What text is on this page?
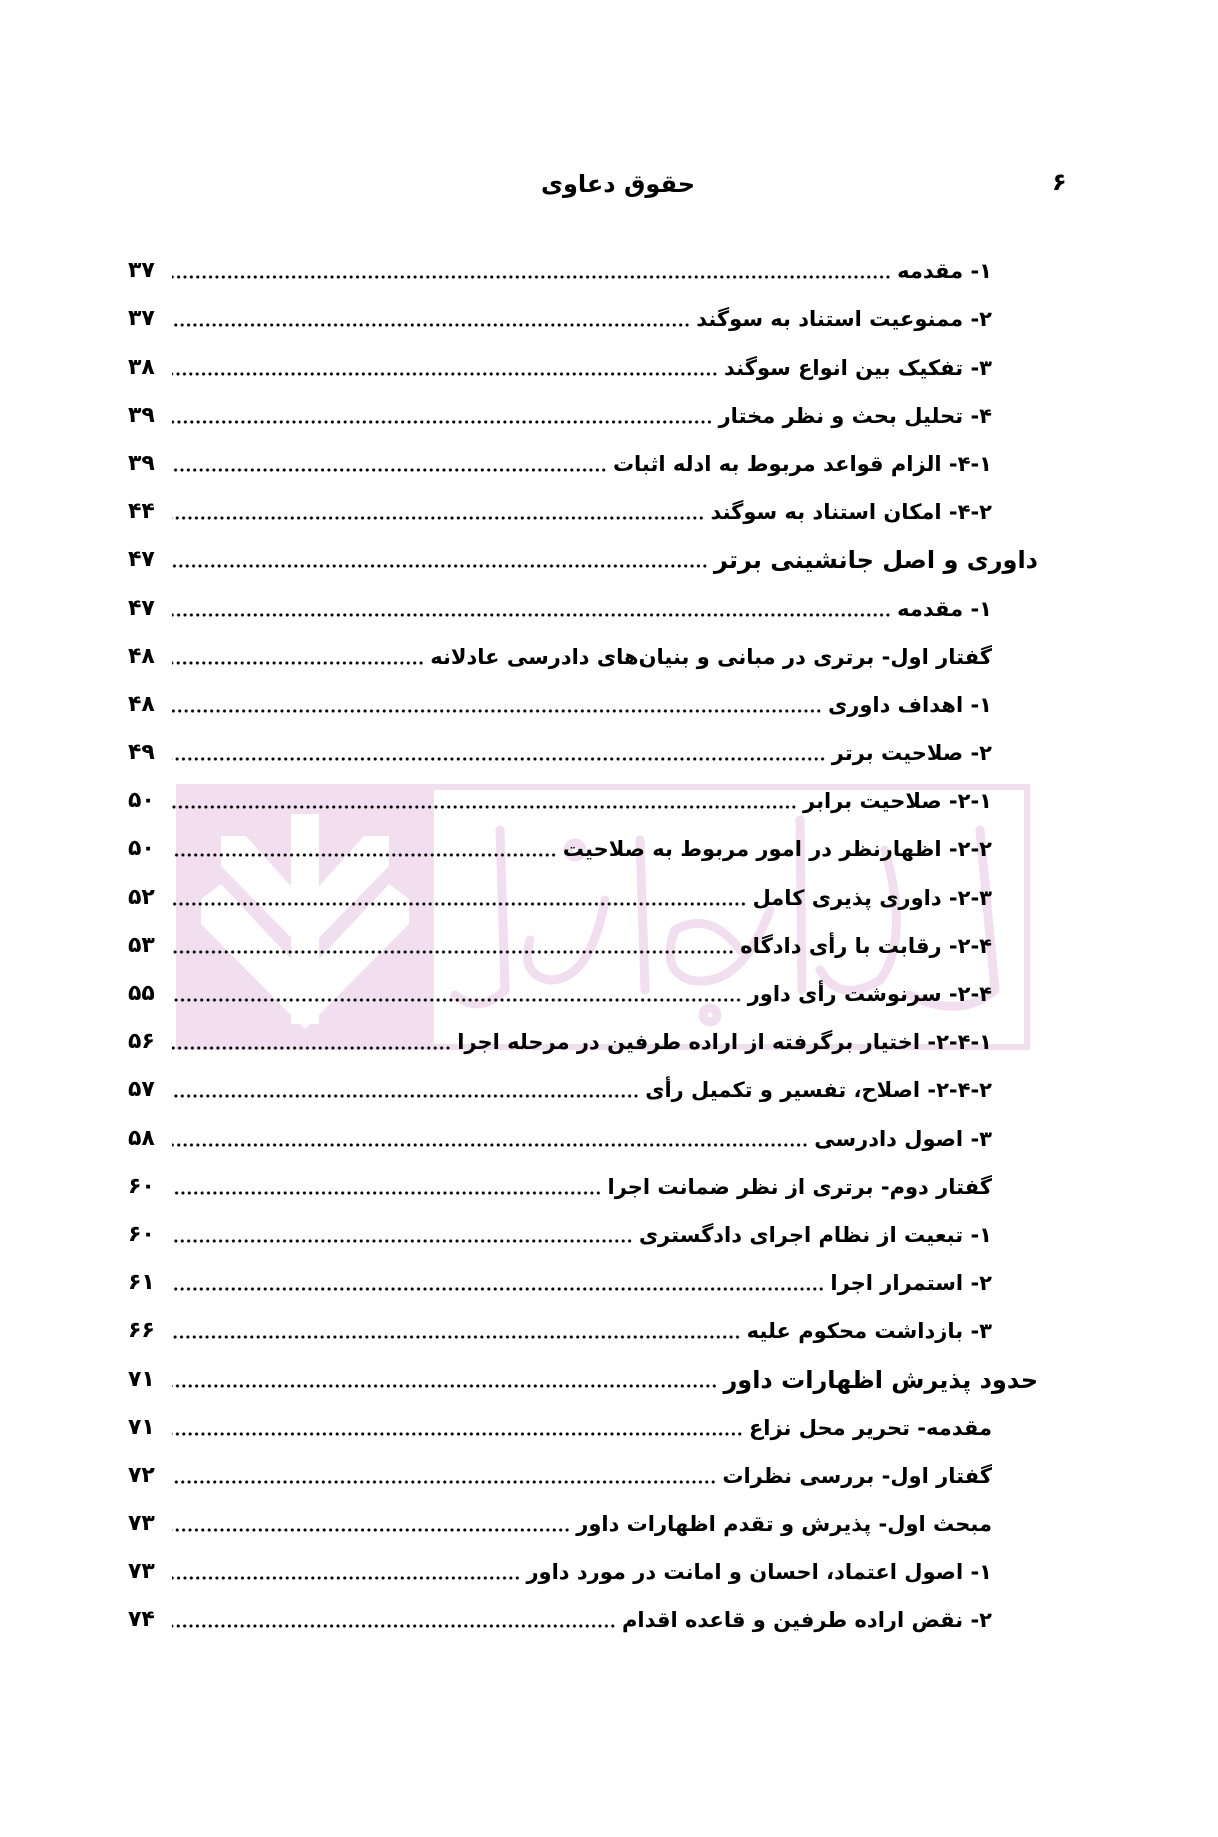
۶
حقوق دعاوی
۱- مقدمه
۳۷
۲- ممنوعیت استناد به سوگند
۳۷
۳- تفکیک بین انواع سوگند
۳۸
۴- تحلیل بحث و نظر مختار
۳۹
۴-۱- الزام قواعد مربوط به ادله اثبات
۳۹
۴-۲- امکان استناد به سوگند
۴۴
داوری و اصل جانشینی برتر
۴۷
۱- مقدمه
۴۷
گفتار اول- برتری در مبانی و بنیان‌های دادرسی عادلانه
۴۸
۱- اهداف داوری
۴۸
۲- صلاحیت برتر
۴۹
۲-۱- صلاحیت برابر
۵۰
۲-۲- اظهارنظر در امور مربوط به صلاحیت
۵۰
۲-۳- داوری پذیری کامل
۵۲
۲-۴- رقابت با رأی دادگاه
۵۳
۲-۴- سرنوشت رأی داور
۵۵
۲-۴-۱- اختیار برگرفته از اراده طرفین در مرحله اجرا
۵۶
۲-۴-۲- اصلاح، تفسیر و تکمیل رأی
۵۷
۳- اصول دادرسی
۵۸
گفتار دوم- برتری از نظر ضمانت اجرا
۶۰
۱- تبعیت از نظام اجرای دادگستری
۶۰
۲- استمرار اجرا
۶۱
۳- بازداشت محکوم علیه
۶۶
حدود پذیرش اظهارات داور
۷۱
مقدمه- تحریر محل نزاع
۷۱
گفتار اول- بررسی نظرات
۷۲
مبحث اول- پذیرش و تقدم اظهارات داور
۷۳
۱- اصول اعتماد، احسان و امانت در مورد داور
۷۳
۲- نقض اراده طرفین و قاعده اقدام
۷۴
